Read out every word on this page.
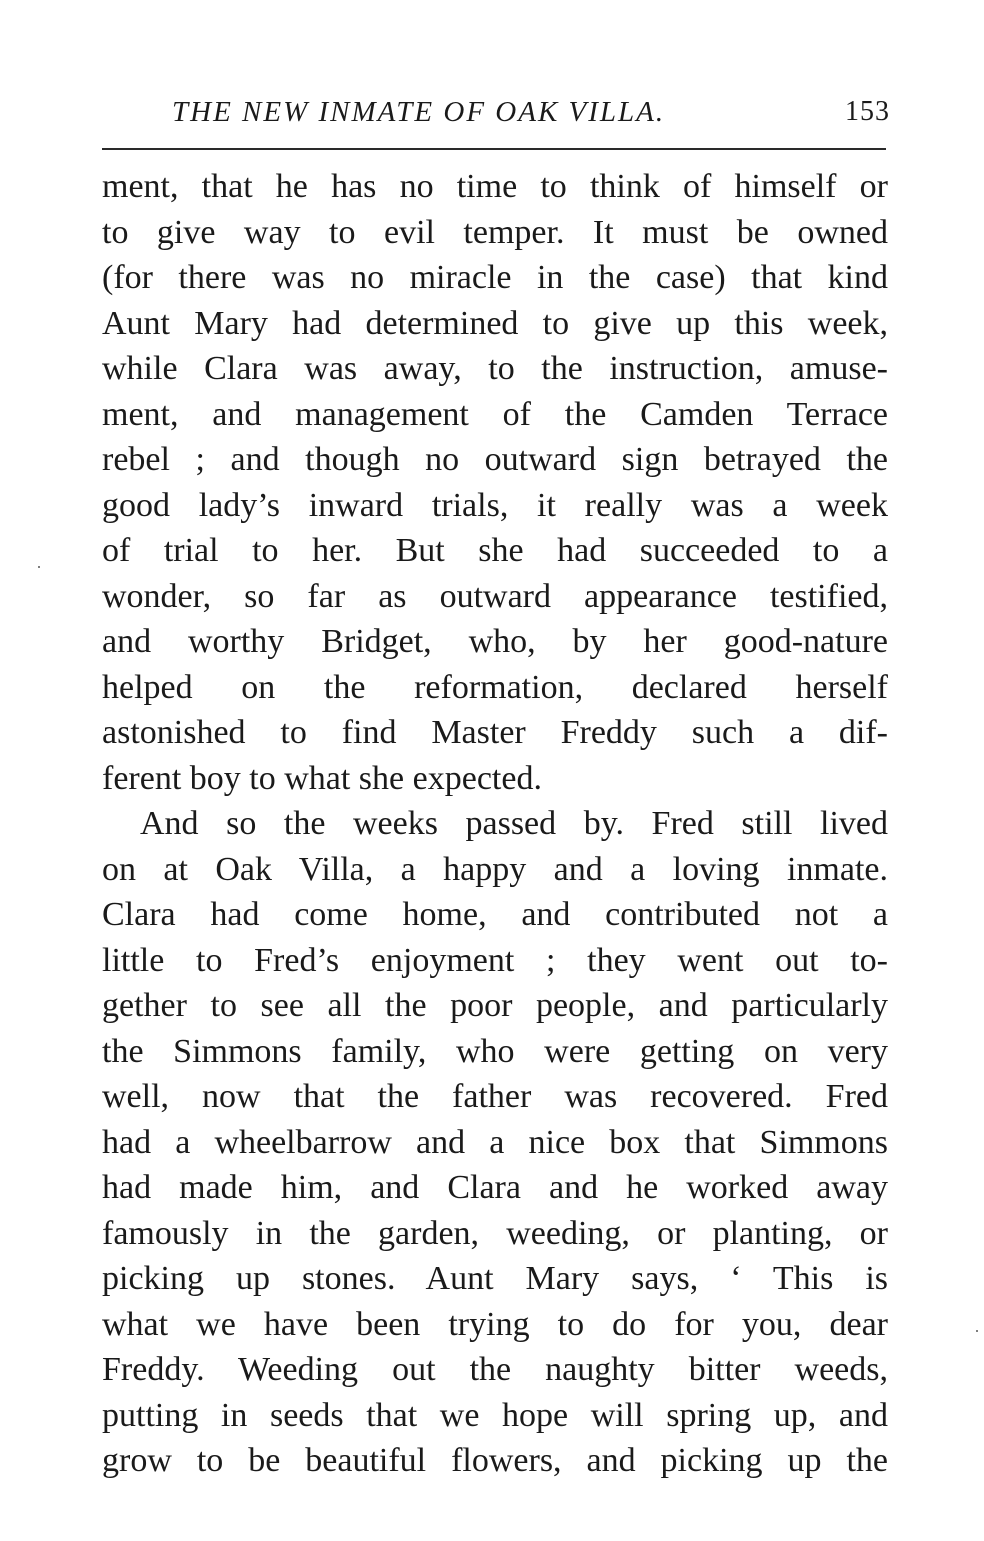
THE NEW INMATE OF OAK VILLA.	153
ment, that he has no time to think of himself or
to give way to evil temper. It must be owned
(for there was no miracle in the case) that kind
Aunt Mary had determined to give up this week,
while Clara was away, to the instruction, amuse-
ment, and management of the Camden Terrace
rebel ; and though no outward sign betrayed the
good lady’s inward trials, it really was a week
of trial to her. But she had succeeded to a
wonder, so far as outward appearance testified,
and worthy Bridget, who, by her good-nature
helped on the reformation, declared herself
astonished to find Master Freddy such a dif-
ferent boy to what she expected.
And so the weeks passed by. Fred still lived
on at Oak Villa, a happy and a loving inmate.
Clara had come home, and contributed not a
little to Fred’s enjoyment ; they went out to-
gether to see all the poor people, and particularly
the Simmons family, who were getting on very
well, now that the father was recovered. Fred
had a wheelbarrow and a nice box that Simmons
had made him, and Clara and he worked away
famously in the garden, weeding, or planting, or
picking up stones. Aunt Mary says, ‘ This is
what we have been trying to do for you, dear
Freddy. Weeding out the naughty bitter weeds,
putting in seeds that we hope will spring up, and
grow to be beautiful flowers, and picking up the
